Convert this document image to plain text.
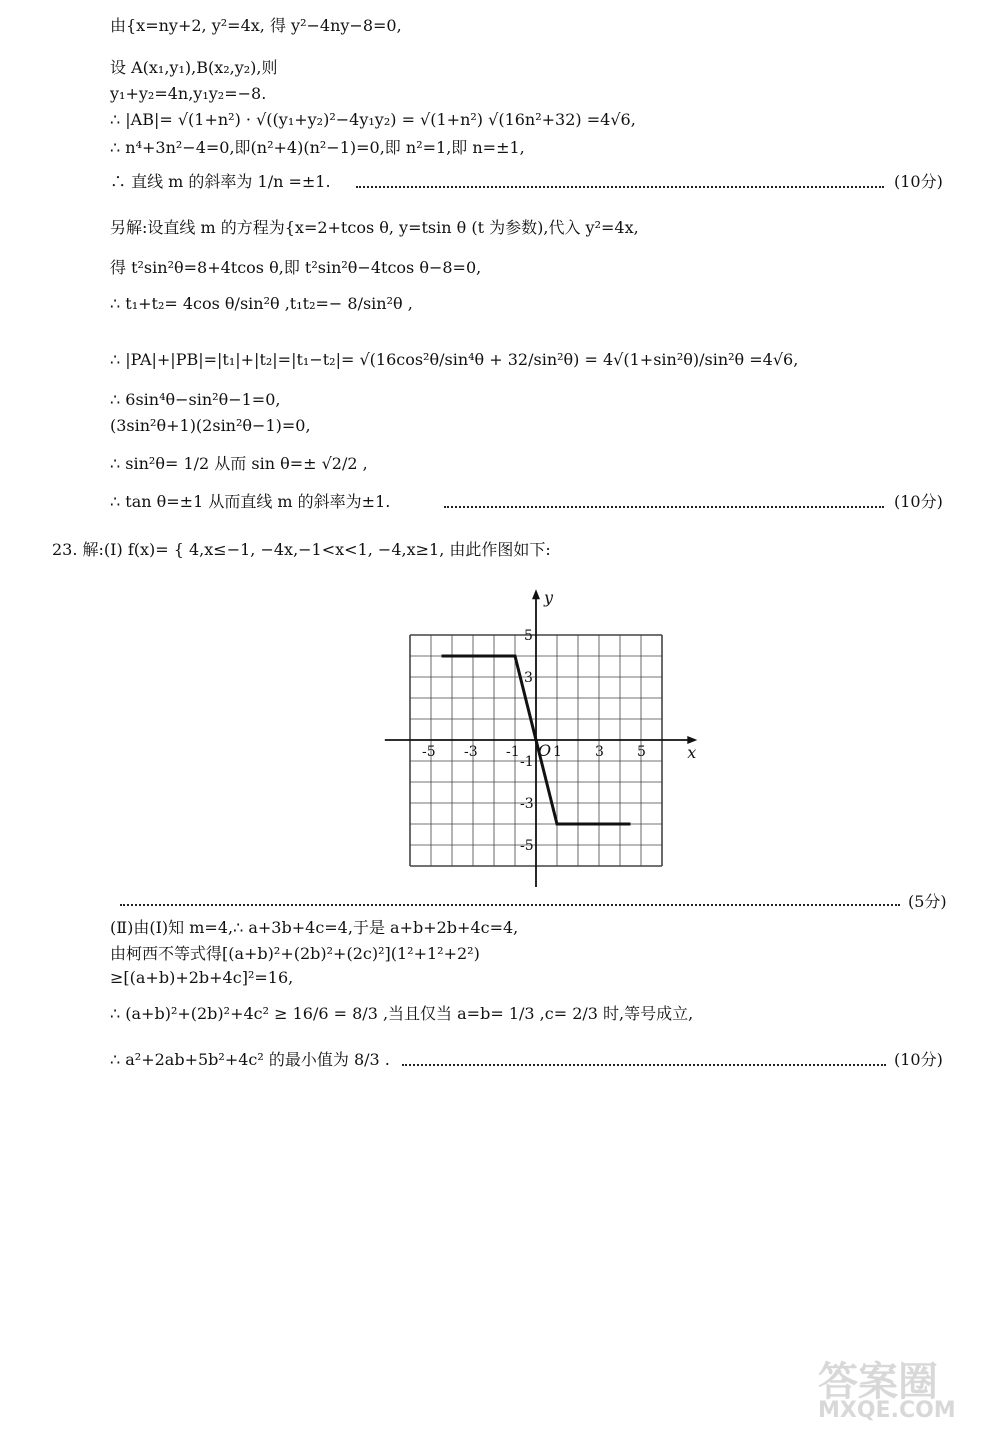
由{x=ny+2, y²=4x, 得 y²−4ny−8=0,
设 A(x₁,y₁),B(x₂,y₂),则
y₁+y₂=4n,y₁y₂=−8.
∴ |AB|= √(1+n²) · √((y₁+y₂)²−4y₁y₂) = √(1+n²) √(16n²+32) =4√6,
∴ n⁴+3n²−4=0,即(n²+4)(n²−1)=0,即 n²=1,即 n=±1,
∴ 直线 m 的斜率为 1/n =±1.	(10分)
另解:设直线 m 的方程为{x=2+tcos θ, y=tsin θ (t 为参数),代入 y²=4x,
得 t²sin²θ=8+4tcos θ,即 t²sin²θ−4tcos θ−8=0,
∴ t₁+t₂= 4cos θ/sin²θ ,t₁t₂=− 8/sin²θ ,
∴ |PA|+|PB|=|t₁|+|t₂|=|t₁−t₂|= √(16cos²θ/sin⁴θ + 32/sin²θ) = 4√(1+sin²θ)/sin²θ =4√6,
∴ 6sin⁴θ−sin²θ−1=0,
(3sin²θ+1)(2sin²θ−1)=0,
∴ sin²θ= 1/2 从而 sin θ=± √2/2 ,
∴ tan θ=±1 从而直线 m 的斜率为±1.	(10分)
23. 解:(Ⅰ) f(x)= { 4,x≤−1, −4x,−1<x<1, −4,x≥1, 由此作图如下:
x
y
O
-5 -3 -1 1 3 5
5
3
-1
-3
-5
(5分)
(Ⅱ)由(Ⅰ)知 m=4,∴ a+3b+4c=4,于是 a+b+2b+4c=4,
由柯西不等式得[(a+b)²+(2b)²+(2c)²](1²+1²+2²)
≥[(a+b)+2b+4c]²=16,
∴ (a+b)²+(2b)²+4c² ≥ 16/6 = 8/3 ,当且仅当 a=b= 1/3 ,c= 2/3 时,等号成立,
∴ a²+2ab+5b²+4c² 的最小值为 8/3 .	(10分)
答案圈
MXQE.COM
